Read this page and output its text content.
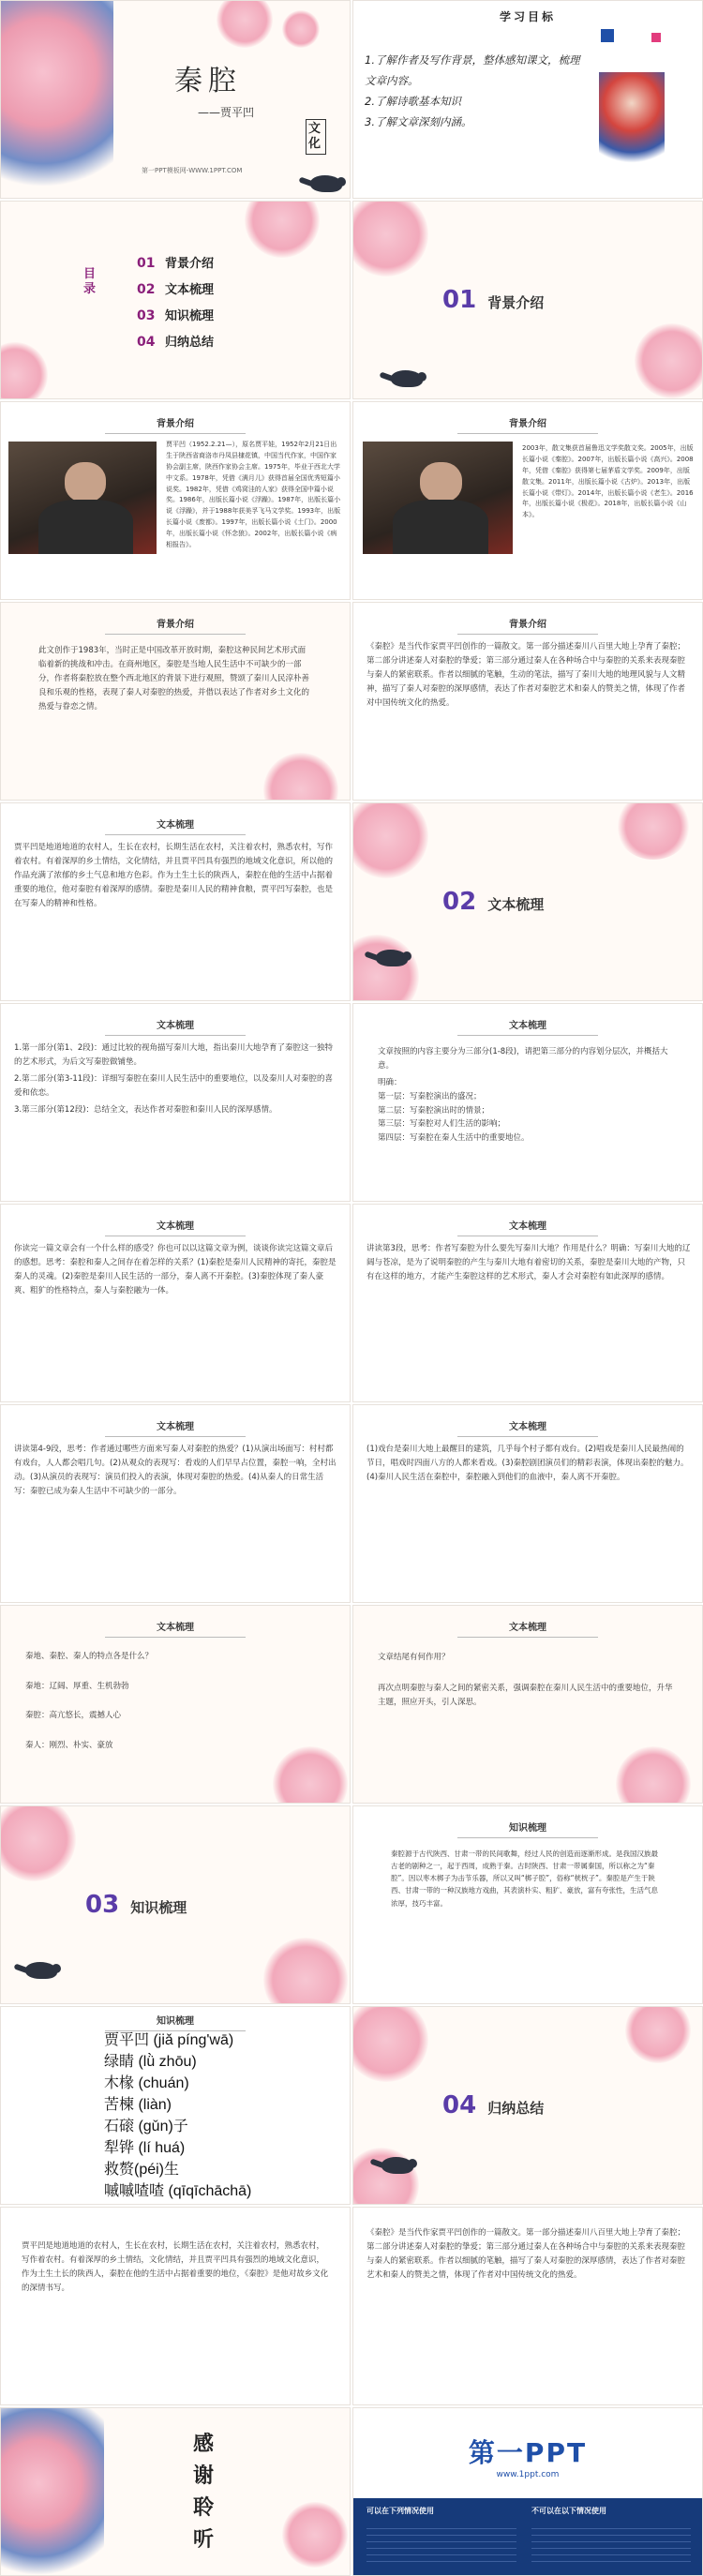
秦腔
——贾平凹
文化
第一PPT模板网-WWW.1PPT.COM
学习目标
1.了解作者及写作背景，整体感知课文，梳理文章内容。
2.了解诗歌基本知识
3.了解文章深刻内涵。
目录
01 背景介绍
02 文本梳理
03 知识梳理
04 归纳总结
01 背景介绍
背景介绍
贾平凹（1952.2.21—），原名贾平娃，1952年2月21日出生于陕西省商洛市丹凤县棣花镇，中国当代作家，中国作家协会副主席，陕西作家协会主席。1975年，毕业于西北大学中文系。1978年，凭借《满月儿》获得首届全国优秀短篇小说奖。1982年，凭借《鸡窝洼的人家》获得全国中篇小说奖。1986年，出版长篇小说《浮躁》。1987年，出版长篇小说《浮躁》，并于1988年获美孚飞马文学奖。1993年，出版长篇小说《废都》。1997年，出版长篇小说《土门》。2000年，出版长篇小说《怀念狼》。2002年，出版长篇小说《病相报告》。
背景介绍
2003年，散文集获首届鲁迅文学奖散文奖。2005年，出版长篇小说《秦腔》。2007年，出版长篇小说《高兴》。2008年，凭借《秦腔》获得第七届茅盾文学奖。2009年，出版散文集。2011年，出版长篇小说《古炉》。2013年，出版长篇小说《带灯》。2014年，出版长篇小说《老生》。2016年，出版长篇小说《极花》。2018年，出版长篇小说《山本》。
背景介绍
此文创作于1983年，当时正是中国改革开放时期，秦腔这种民间艺术形式面临着新的挑战和冲击。在商州地区，秦腔是当地人民生活中不可缺少的一部分，作者将秦腔放在整个西北地区的背景下进行观照，赞颂了秦川人民淳朴善良和乐观的性格，表现了秦人对秦腔的热爱，并借以表达了作者对乡土文化的热爱与眷恋之情。
背景介绍
《秦腔》是当代作家贾平凹创作的一篇散文。第一部分描述秦川八百里大地上孕育了秦腔；第二部分讲述秦人对秦腔的挚爱；第三部分通过秦人在各种场合中与秦腔的关系来表现秦腔与秦人的紧密联系。作者以细腻的笔触，生动的笔法，描写了秦川大地的地理风貌与人文精神，描写了秦人对秦腔的深厚感情，表达了作者对秦腔艺术和秦人的赞美之情，体现了作者对中国传统文化的热爱。
文本梳理
贾平凹是地道地道的农村人，生长在农村，长期生活在农村，关注着农村，熟悉农村，写作着农村。有着深厚的乡土情结，文化情结，并且贾平凹具有强烈的地域文化意识，所以他的作品充满了浓郁的乡土气息和地方色彩。作为土生土长的陕西人，秦腔在他的生活中占据着重要的地位，他对秦腔有着深厚的感情。秦腔是秦川人民的精神食粮，贾平凹写秦腔，也是在写秦人的精神和性格。	02 文本梳理
文本梳理

1.第一部分(第1、2段)：通过比较的视角描写秦川大地，指出秦川大地孕育了秦腔这一独特的艺术形式，为后文写秦腔做铺垫。

2.第二部分(第3-11段)：详细写秦腔在秦川人民生活中的重要地位，以及秦川人对秦腔的喜爱和依恋。

3.第三部分(第12段)：总结全文，表达作者对秦腔和秦川人民的深厚感情。

文本梳理

文章按照的内容主要分为三部分(1-8段)，请把第三部分的内容划分层次，并概括大意。

明确：

第一层：写秦腔演出的盛况；

第二层：写秦腔演出时的情景；

第三层：写秦腔对人们生活的影响；

第四层：写秦腔在秦人生活中的重要地位。

文本梳理
你读完一篇文章会有一个什么样的感受？你也可以以这篇文章为例，谈谈你读完这篇文章后的感想。思考：秦腔和秦人之间存在着怎样的关系？(1)秦腔是秦川人民精神的寄托，秦腔是秦人的灵魂。(2)秦腔是秦川人民生活的一部分，秦人离不开秦腔。(3)秦腔体现了秦人豪爽、粗犷的性格特点，秦人与秦腔融为一体。
文本梳理
讲读第3段，思考：作者写秦腔为什么要先写秦川大地？作用是什么？明确：写秦川大地的辽阔与苍凉，是为了说明秦腔的产生与秦川大地有着密切的关系，秦腔是秦川大地的产物，只有在这样的地方，才能产生秦腔这样的艺术形式，秦人才会对秦腔有如此深厚的感情。
文本梳理
讲读第4-9段，思考：作者通过哪些方面来写秦人对秦腔的热爱？(1)从演出场面写：村村都有戏台，人人都会唱几句。(2)从观众的表现写：看戏的人们早早占位置，秦腔一响，全村出动。(3)从演员的表现写：演员们投入的表演，体现对秦腔的热爱。(4)从秦人的日常生活写：秦腔已成为秦人生活中不可缺少的一部分。
文本梳理
(1)戏台是秦川大地上最醒目的建筑，几乎每个村子都有戏台。(2)唱戏是秦川人民最热闹的节日，唱戏时四面八方的人都来看戏。(3)秦腔剧团演员们的精彩表演，体现出秦腔的魅力。(4)秦川人民生活在秦腔中，秦腔融入到他们的血液中，秦人离不开秦腔。
文本梳理

秦地、秦腔、秦人的特点各是什么？

秦地：辽阔、厚重、生机勃勃

秦腔：高亢悠长，震撼人心

秦人：刚烈、朴实、豪放

文本梳理

文章结尾有何作用？

再次点明秦腔与秦人之间的紧密关系，强调秦腔在秦川人民生活中的重要地位，升华主题，照应开头，引人深思。

03 知识梳理
知识梳理
秦腔源于古代陕西、甘肃一带的民间歌舞，经过人民的创造而逐渐形成。是我国汉族最古老的剧种之一，起于西周，成熟于秦。古时陕西、甘肃一带属秦国，所以称之为“秦腔”。因以枣木梆子为击节乐器，所以又叫“梆子腔”，俗称“桄桄子”。秦腔是产生于陕西、甘肃一带的一种汉族地方戏曲，其表演朴实、粗犷、豪放，富有夸张性，生活气息浓厚，技巧丰富。
知识梳理
贾平凹 (jiǎ píng'wā)
绿睛 (lǜ zhōu)
木椽 (chuán)
苦楝 (liàn)
石磙 (gǔn)子
犁铧 (lí huá)
救赘(péi)生
嘁嘁喳喳 (qīqīchāchā)
04 归纳总结
贾平凹是地道地道的农村人，生长在农村，长期生活在农村，关注着农村，熟悉农村，写作着农村。有着深厚的乡土情结，文化情结，并且贾平凹具有强烈的地域文化意识，作为土生土长的陕西人，秦腔在他的生活中占据着重要的地位，《秦腔》是他对故乡文化的深情书写。
《秦腔》是当代作家贾平凹创作的一篇散文。第一部分描述秦川八百里大地上孕育了秦腔；第二部分讲述秦人对秦腔的挚爱；第三部分通过秦人在各种场合中与秦腔的关系来表现秦腔与秦人的紧密联系。作者以细腻的笔触，描写了秦人对秦腔的深厚感情，表达了作者对秦腔艺术和秦人的赞美之情，体现了作者对中国传统文化的热爱。
感谢聆听
第一PPT
www.1ppt.com
可以在下列情况使用	不可以在以下情况使用
